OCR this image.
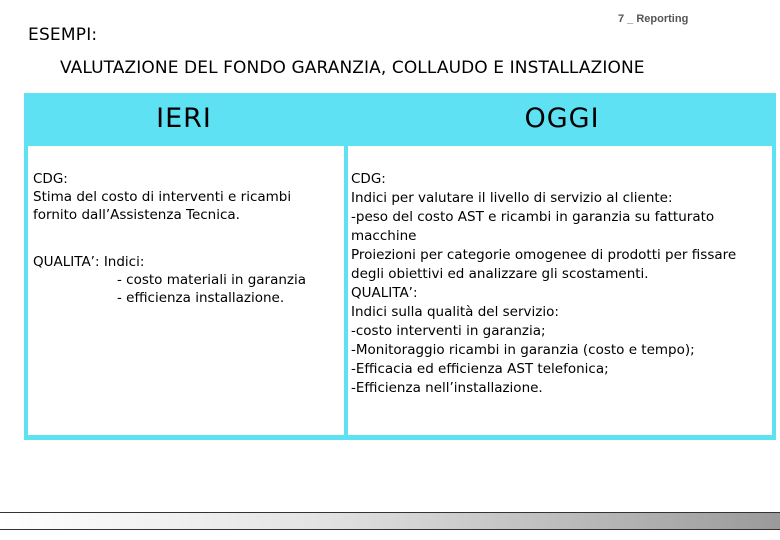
7 _ Reporting
ESEMPI:
VALUTAZIONE DEL FONDO GARANZIA, COLLAUDO E INSTALLAZIONE
IERI	OGGI
CDG:
Stima del costo di interventi e ricambi
fornito dall’Assistenza Tecnica.
QUALITA’: Indici:
- costo materiali in garanzia
- efficienza installazione.
CDG:
Indici per valutare il livello di servizio al cliente:
-peso del costo AST e ricambi in garanzia su fatturato
macchine
Proiezioni per categorie omogenee di prodotti per fissare
degli obiettivi ed analizzare gli scostamenti.
QUALITA’:
Indici sulla qualità del servizio:
-costo interventi in garanzia;
-Monitoraggio ricambi in garanzia (costo e tempo);
-Efficacia ed efficienza AST telefonica;
-Efficienza nell’installazione.
